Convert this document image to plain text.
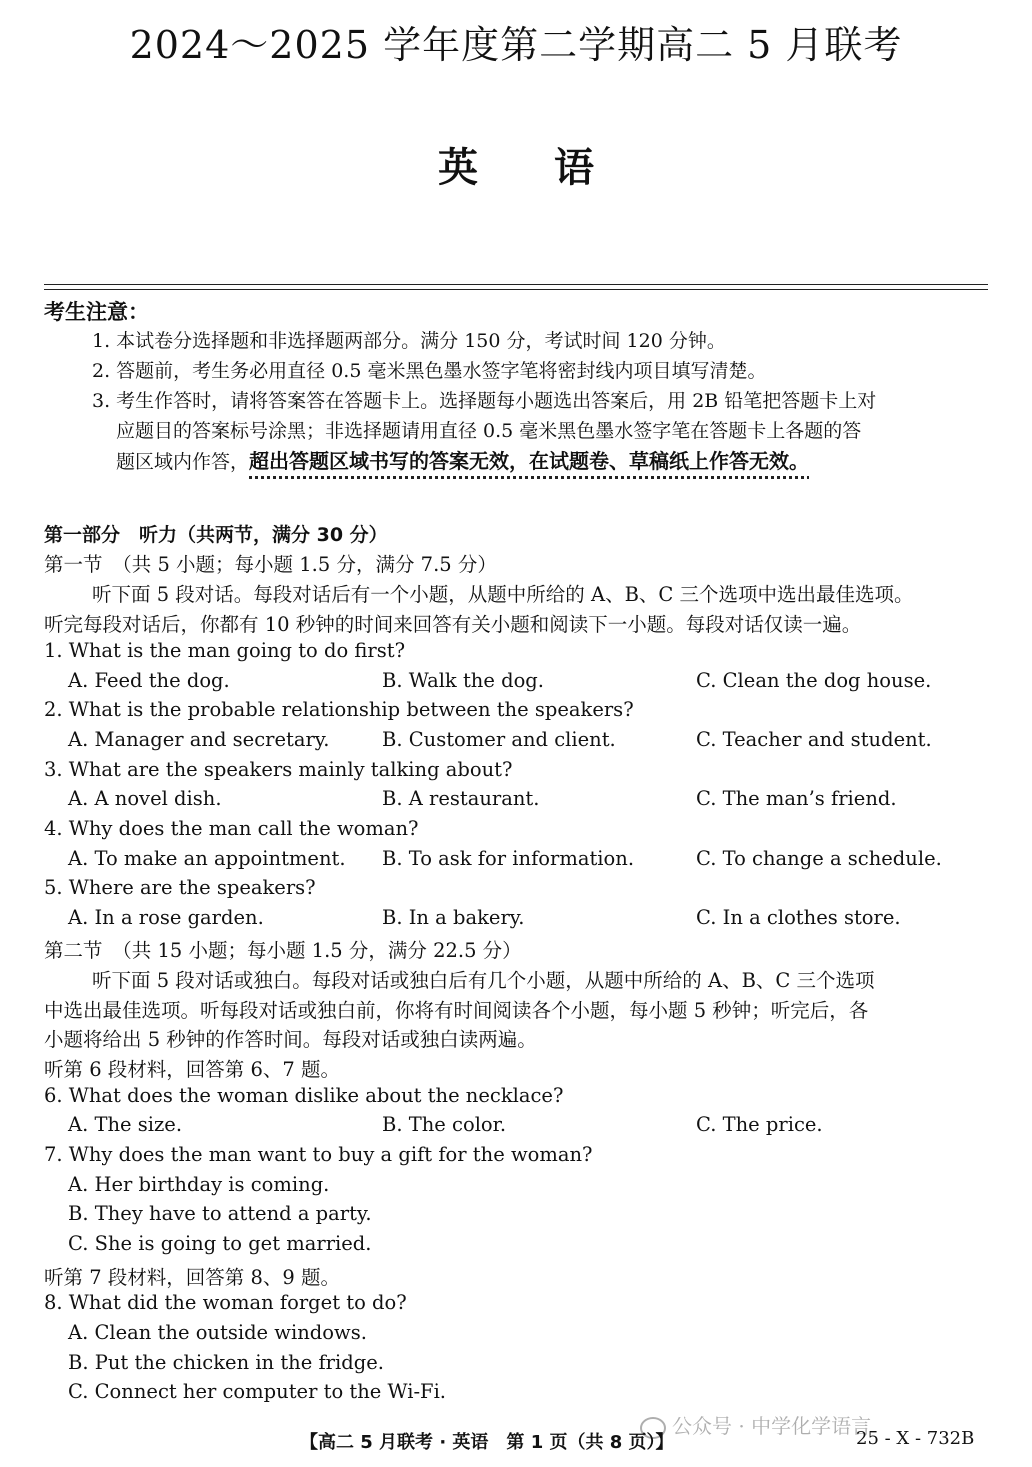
2024～2025 学年度第二学期高二 5 月联考
英 语
考生注意：
1. 本试卷分选择题和非选择题两部分。满分 150 分，考试时间 120 分钟。
2. 答题前，考生务必用直径 0.5 毫米黑色墨水签字笔将密封线内项目填写清楚。
3. 考生作答时，请将答案答在答题卡上。选择题每小题选出答案后，用 2B 铅笔把答题卡上对
应题目的答案标号涂黑；非选择题请用直径 0.5 毫米黑色墨水签字笔在答题卡上各题的答
题区域内作答，超出答题区域书写的答案无效，在试题卷、草稿纸上作答无效。
第一部分　听力（共两节，满分 30 分）
第一节　（共 5 小题；每小题 1.5 分，满分 7.5 分）
听下面 5 段对话。每段对话后有一个小题，从题中所给的 A、B、C 三个选项中选出最佳选项。
听完每段对话后，你都有 10 秒钟的时间来回答有关小题和阅读下一小题。每段对话仅读一遍。
1. What is the man going to do first?
A. Feed the dog.	B. Walk the dog.	C. Clean the dog house.
2. What is the probable relationship between the speakers?
A. Manager and secretary.	B. Customer and client.	C. Teacher and student.
3. What are the speakers mainly talking about?
A. A novel dish.	B. A restaurant.	C. The man’s friend.
4. Why does the man call the woman?
A. To make an appointment. B. To ask for information.	C. To change a schedule.
5. Where are the speakers?
A. In a rose garden.	B. In a bakery.	C. In a clothes store.
第二节　（共 15 小题；每小题 1.5 分，满分 22.5 分）
听下面 5 段对话或独白。每段对话或独白后有几个小题，从题中所给的 A、B、C 三个选项
中选出最佳选项。听每段对话或独白前，你将有时间阅读各个小题，每小题 5 秒钟；听完后，各
小题将给出 5 秒钟的作答时间。每段对话或独白读两遍。
听第 6 段材料，回答第 6、7 题。
6. What does the woman dislike about the necklace?
A. The size.	B. The color.	C. The price.
7. Why does the man want to buy a gift for the woman?
A. Her birthday is coming.
B. They have to attend a party.
C. She is going to get married.
听第 7 段材料，回答第 8、9 题。
8. What did the woman forget to do?
A. Clean the outside windows.
B. Put the chicken in the fridge.
C. Connect her computer to the Wi-Fi.
公众号 · 中学化学语言
【高二 5 月联考 · 英语　第 1 页（共 8 页）】	25 - X - 732B
